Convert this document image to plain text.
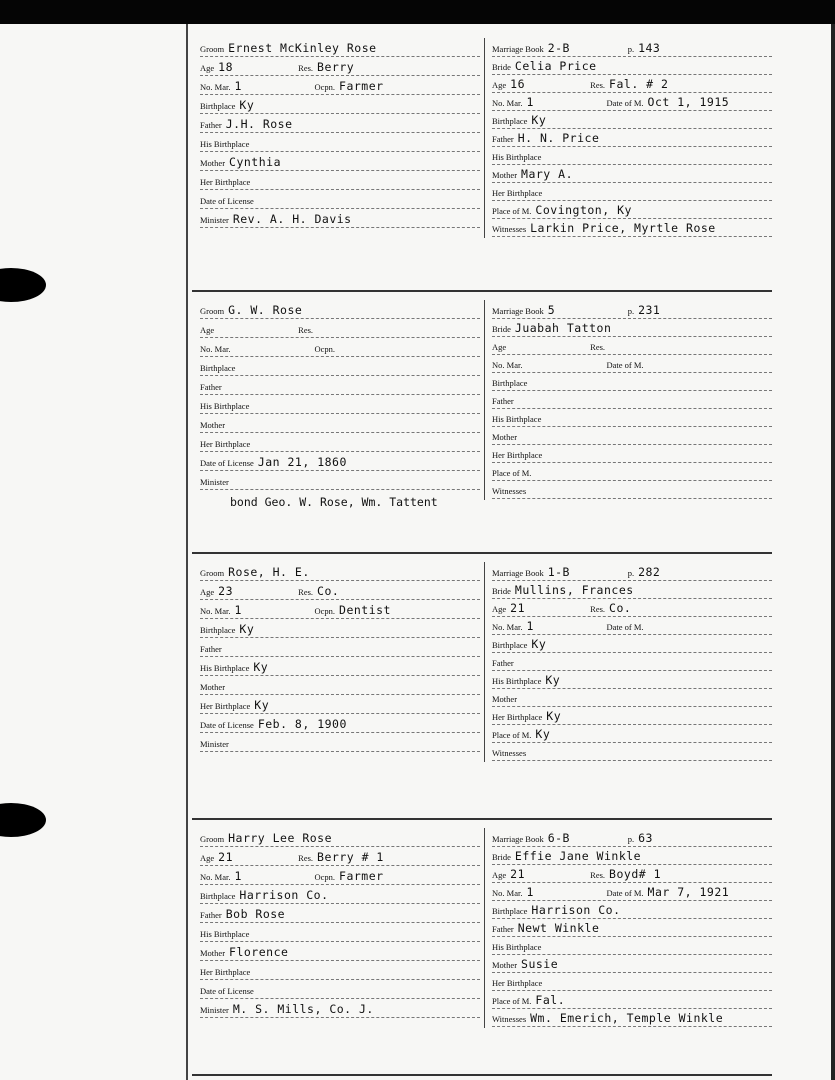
Groom Ernest McKinley Rose
Age 18	Res. Berry
No. Mar. 1	Ocpn. Farmer
Birthplace Ky
Father J.H. Rose
His Birthplace
Mother Cynthia
Her Birthplace
Date of License
Minister Rev. A. H. Davis
Marriage Book 2-B	p. 143
Bride Celia Price
Age 16	Res. Fal. # 2
No. Mar. 1	Date of M. Oct 1, 1915
Birthplace Ky
Father H. N. Price
His Birthplace
Mother Mary A.
Her Birthplace
Place of M. Covington, Ky
Witnesses Larkin Price, Myrtle Rose
Groom G. W. Rose
Age	Res.
No. Mar.	Ocpn.
Birthplace
Father
His Birthplace
Mother
Her Birthplace
Date of License Jan 21, 1860
Minister
Marriage Book 5	p. 231
Bride Juabah Tatton
Age	Res.
No. Mar.	Date of M.
Birthplace
Father
His Birthplace
Mother
Her Birthplace
Place of M.
Witnesses
bond Geo. W. Rose, Wm. Tattent
Groom Rose, H. E.
Age 23	Res. Co.
No. Mar. 1	Ocpn. Dentist
Birthplace Ky
Father
His Birthplace Ky
Mother
Her Birthplace Ky
Date of License Feb. 8, 1900
Minister
Marriage Book 1-B	p. 282
Bride Mullins, Frances
Age 21	Res. Co.
No. Mar. 1	Date of M.
Birthplace Ky
Father
His Birthplace Ky
Mother
Her Birthplace Ky
Place of M. Ky
Witnesses
Groom Harry Lee Rose
Age 21	Res. Berry # 1
No. Mar. 1	Ocpn. Farmer
Birthplace Harrison Co.
Father Bob Rose
His Birthplace
Mother Florence
Her Birthplace
Date of License
Minister M. S. Mills, Co. J.
Marriage Book 6-B	p. 63
Bride Effie Jane Winkle
Age 21	Res. Boyd# 1
No. Mar. 1	Date of M. Mar 7, 1921
Birthplace Harrison Co.
Father Newt Winkle
His Birthplace
Mother Susie
Her Birthplace
Place of M. Fal.
Witnesses Wm. Emerich, Temple Winkle
